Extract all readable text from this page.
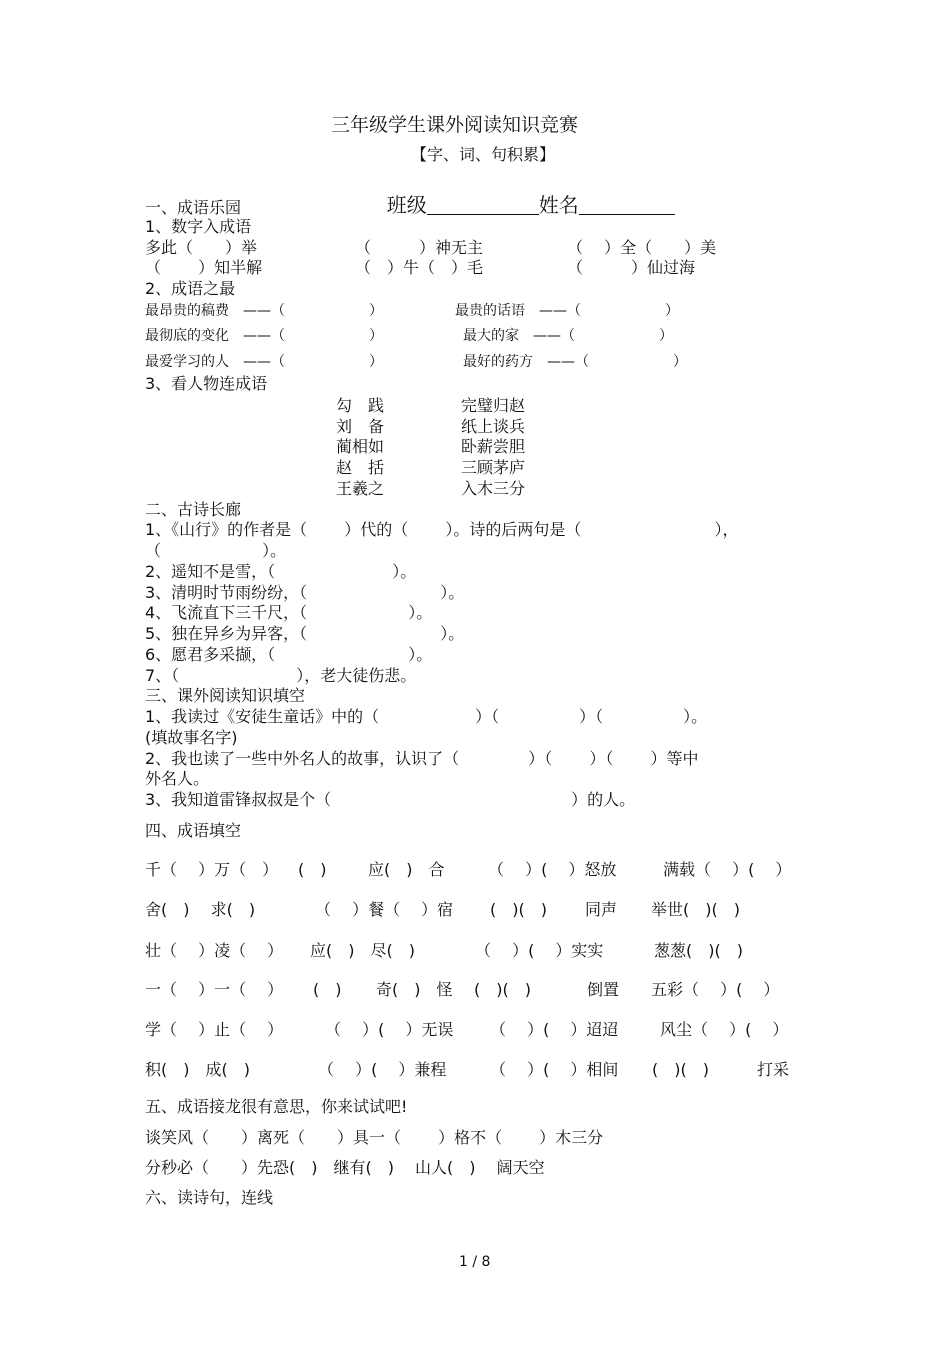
三年级学生课外阅读知识竞赛
【字、词、句积累】

班级	姓名

一、成语乐园
1、数字入成语
多此（　　）举	（　　　）神无主	（　 ）全（　　）美
（　　 ）知半解	（　）牛（　）毛	（　　　）仙过海
2、成语之最
最昂贵的稿费　——（　　　　　　）	最贵的话语　——（　　　　　　）
最彻底的变化　——（　　　　　　）	最大的家　——（　　　　　　）
最爱学习的人　——（　　　　　　）	最好的药方　——（　　　　　　）
3、看人物连成语
勾　践
刘　备
蔺相如
赵　括
王羲之
完璧归赵
纸上谈兵
卧薪尝胆
三顾茅庐
入木三分
二、古诗长廊
1、《山行》的作者是（　　 ）代的（　　 ）。诗的后两句是（　　　　　　　　 ），
（　　　　　　 ）。
2、遥知不是雪，（　　　　　　　 ）。
3、清明时节雨纷纷，（　　　　　　　　 ）。
4、飞流直下三千尺，（　　　　　　 ）。
5、独在异乡为异客，（　　　　　　　　 ）。
6、愿君多采撷，（　　　　　　　　 ）。
7、（　　　　　　　 ），老大徒伤悲。
三、课外阅读知识填空
1、我读过《安徒生童话》中的（　　　　　　）（　　　　　）（　　　　　）。
(填故事名字)
2、我也读了一些中外名人的故事，认识了（　　　　 ）（　　 ）（　　 ）等中
外名人。
3、我知道雷锋叔叔是个（　　　　　　　　　　　　　　　）的人。
四、成语填空
千（　 ）万（　） (　)	应(　)　合	（　 ）(　 ）怒放	满载（　 ）(　 ）
舍(　)　 求(　)	（　 ）餐（　 ）宿 (　)(　) 同声 举世(　)(　)
壮（　 ）凌（　 ） 应(　)　尽(　)	（　 ）(　 ）实实	葱葱(　)(　)
一（　 ）一（　 ） (　) 奇(　)　怪 (　)(　)	倒置　　五彩（　 ）(　 ）
学（　 ）止（　 ）	（　 ）(　 ）无误 （　 ）(　 ）迢迢	风尘（　 ）(　 ）
积(　)　成(　)	（　 ）(　 ）兼程	（　 ）(　 ）相间 (　)(　)	打采
五、成语接龙很有意思，你来试试吧!
谈笑风（　　）离死（　　）具一（　　 ）格不（　　 ）木三分
分秒必（　　）先恐(　)　继有(　)　 山人(　)　 阔天空
六、读诗句，连线
1 / 8
